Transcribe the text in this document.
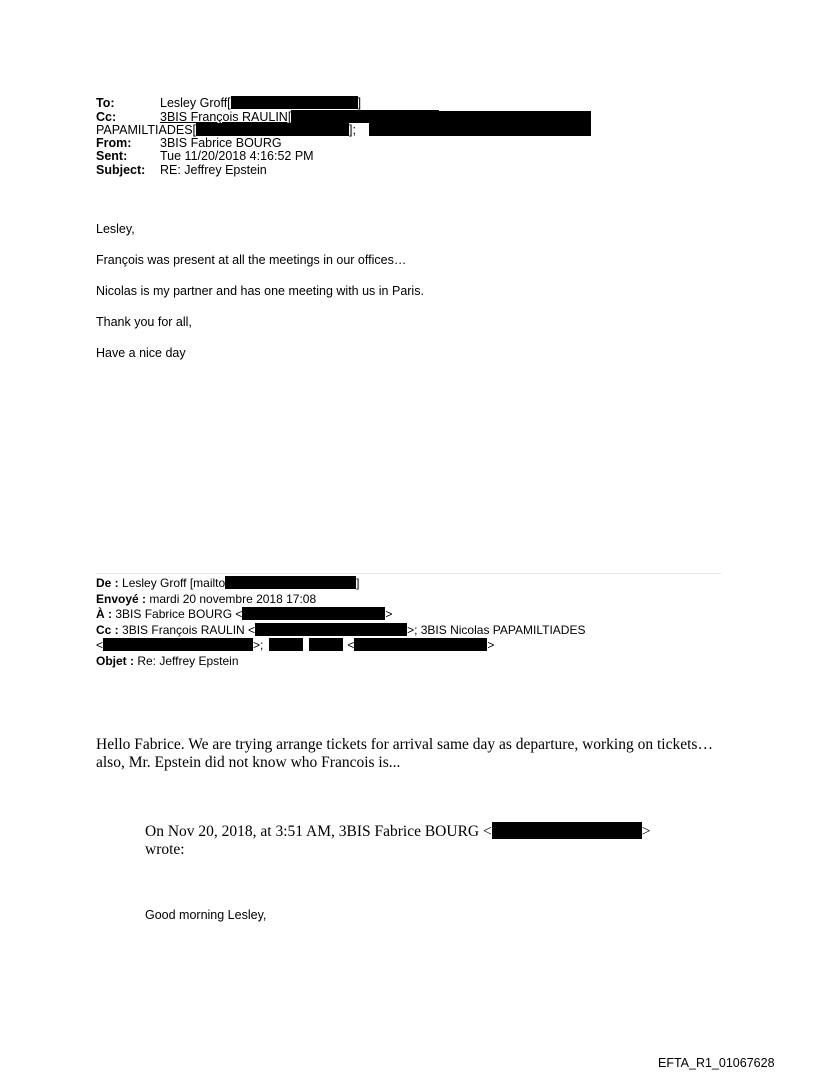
To:	Lesley Groff[	]
Cc:	3BIS François RAULIN[
PAPAMILTIADES[	];
From: 3BIS Fabrice BOURG
Sent:	Tue 11/20/2018 4:16:52 PM
Subject: RE: Jeffrey Epstein
Lesley,
François was present at all the meetings in our offices…
Nicolas is my partner and has one meeting with us in Paris.
Thank you for all,
Have a nice day
De : Lesley Groff [mailto	]
Envoyé : mardi 20 novembre 2018 17:08
À : 3BIS Fabrice BOURG <	>
Cc : 3BIS François RAULIN <	>; 3BIS Nicolas PAPAMILTIADES
<	>;	<	>
Objet : Re: Jeffrey Epstein
Hello Fabrice. We are trying arrange tickets for arrival same day as departure, working on tickets…also, Mr. Epstein did not know who Francois is...
On Nov 20, 2018, at 3:51 AM, 3BIS Fabrice BOURG <	>
wrote:
Good morning Lesley,
EFTA_R1_01067628
